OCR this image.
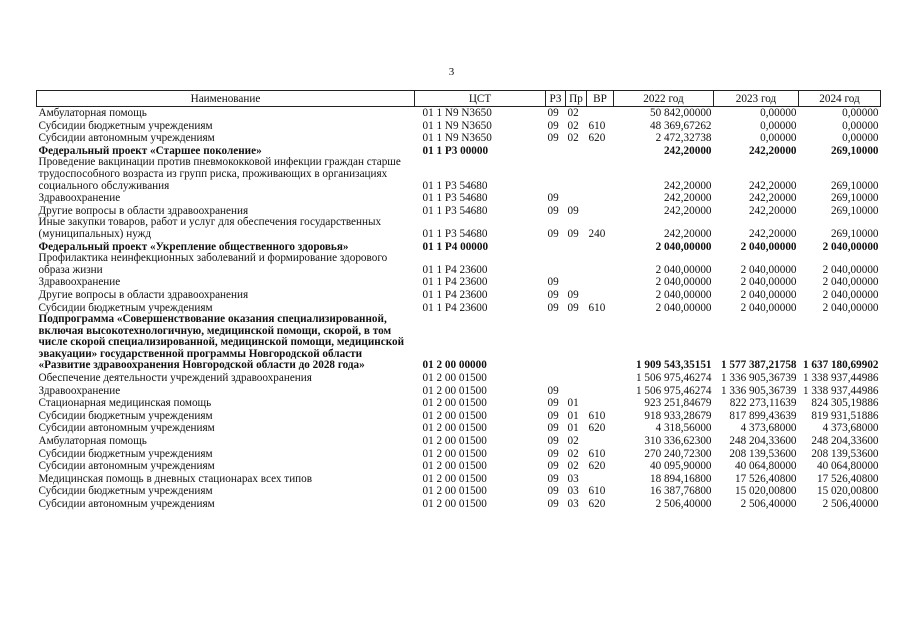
3
Наименование	ЦСТ	РЗ	Пр	ВР	2022 год	2023 год	2024 год
Амбулаторная помощь	01 1 N9 N3650	09	02		50 842,00000	0,00000	0,00000
Субсидии бюджетным учреждениям	01 1 N9 N3650	09	02	610	48 369,67262	0,00000	0,00000
Субсидии автономным учреждениям	01 1 N9 N3650	09	02	620	2 472,32738	0,00000	0,00000
Федеральный проект «Старшее поколение»	01 1 P3 00000				242,20000	242,20000	269,10000
Проведение вакцинации против пневмококковой инфекции граждан старше трудоспособного возраста из групп риска, проживающих в организациях социального обслуживания	01 1 P3 54680				242,20000	242,20000	269,10000
Здравоохранение	01 1 P3 54680	09			242,20000	242,20000	269,10000
Другие вопросы в области здравоохранения	01 1 P3 54680	09	09		242,20000	242,20000	269,10000
Иные закупки товаров, работ и услуг для обеспечения государственных (муниципальных) нужд	01 1 P3 54680	09	09	240	242,20000	242,20000	269,10000
Федеральный проект «Укрепление общественного здоровья»	01 1 P4 00000				2 040,00000	2 040,00000	2 040,00000
Профилактика неинфекционных заболеваний и формирование здорового образа жизни	01 1 P4 23600				2 040,00000	2 040,00000	2 040,00000
Здравоохранение	01 1 P4 23600	09			2 040,00000	2 040,00000	2 040,00000
Другие вопросы в области здравоохранения	01 1 P4 23600	09	09		2 040,00000	2 040,00000	2 040,00000
Субсидии бюджетным учреждениям	01 1 P4 23600	09	09	610	2 040,00000	2 040,00000	2 040,00000
Подпрограмма «Совершенствование оказания специализированной, включая высокотехнологичную, медицинской помощи, скорой, в том числе скорой специализированной, медицинской помощи, медицинской эвакуации» государственной программы Новгородской области «Развитие здравоохранения Новгородской области до 2028 года»	01 2 00 00000				1 909 543,35151	1 577 387,21758	1 637 180,69902
Обеспечение деятельности учреждений здравоохранения	01 2 00 01500				1 506 975,46274	1 336 905,36739	1 338 937,44986
Здравоохранение	01 2 00 01500	09			1 506 975,46274	1 336 905,36739	1 338 937,44986
Стационарная медицинская помощь	01 2 00 01500	09	01		923 251,84679	822 273,11639	824 305,19886
Субсидии бюджетным учреждениям	01 2 00 01500	09	01	610	918 933,28679	817 899,43639	819 931,51886
Субсидии автономным учреждениям	01 2 00 01500	09	01	620	4 318,56000	4 373,68000	4 373,68000
Амбулаторная помощь	01 2 00 01500	09	02		310 336,62300	248 204,33600	248 204,33600
Субсидии бюджетным учреждениям	01 2 00 01500	09	02	610	270 240,72300	208 139,53600	208 139,53600
Субсидии автономным учреждениям	01 2 00 01500	09	02	620	40 095,90000	40 064,80000	40 064,80000
Медицинская помощь в дневных стационарах всех типов	01 2 00 01500	09	03		18 894,16800	17 526,40800	17 526,40800
Субсидии бюджетным учреждениям	01 2 00 01500	09	03	610	16 387,76800	15 020,00800	15 020,00800
Субсидии автономным учреждениям	01 2 00 01500	09	03	620	2 506,40000	2 506,40000	2 506,40000
